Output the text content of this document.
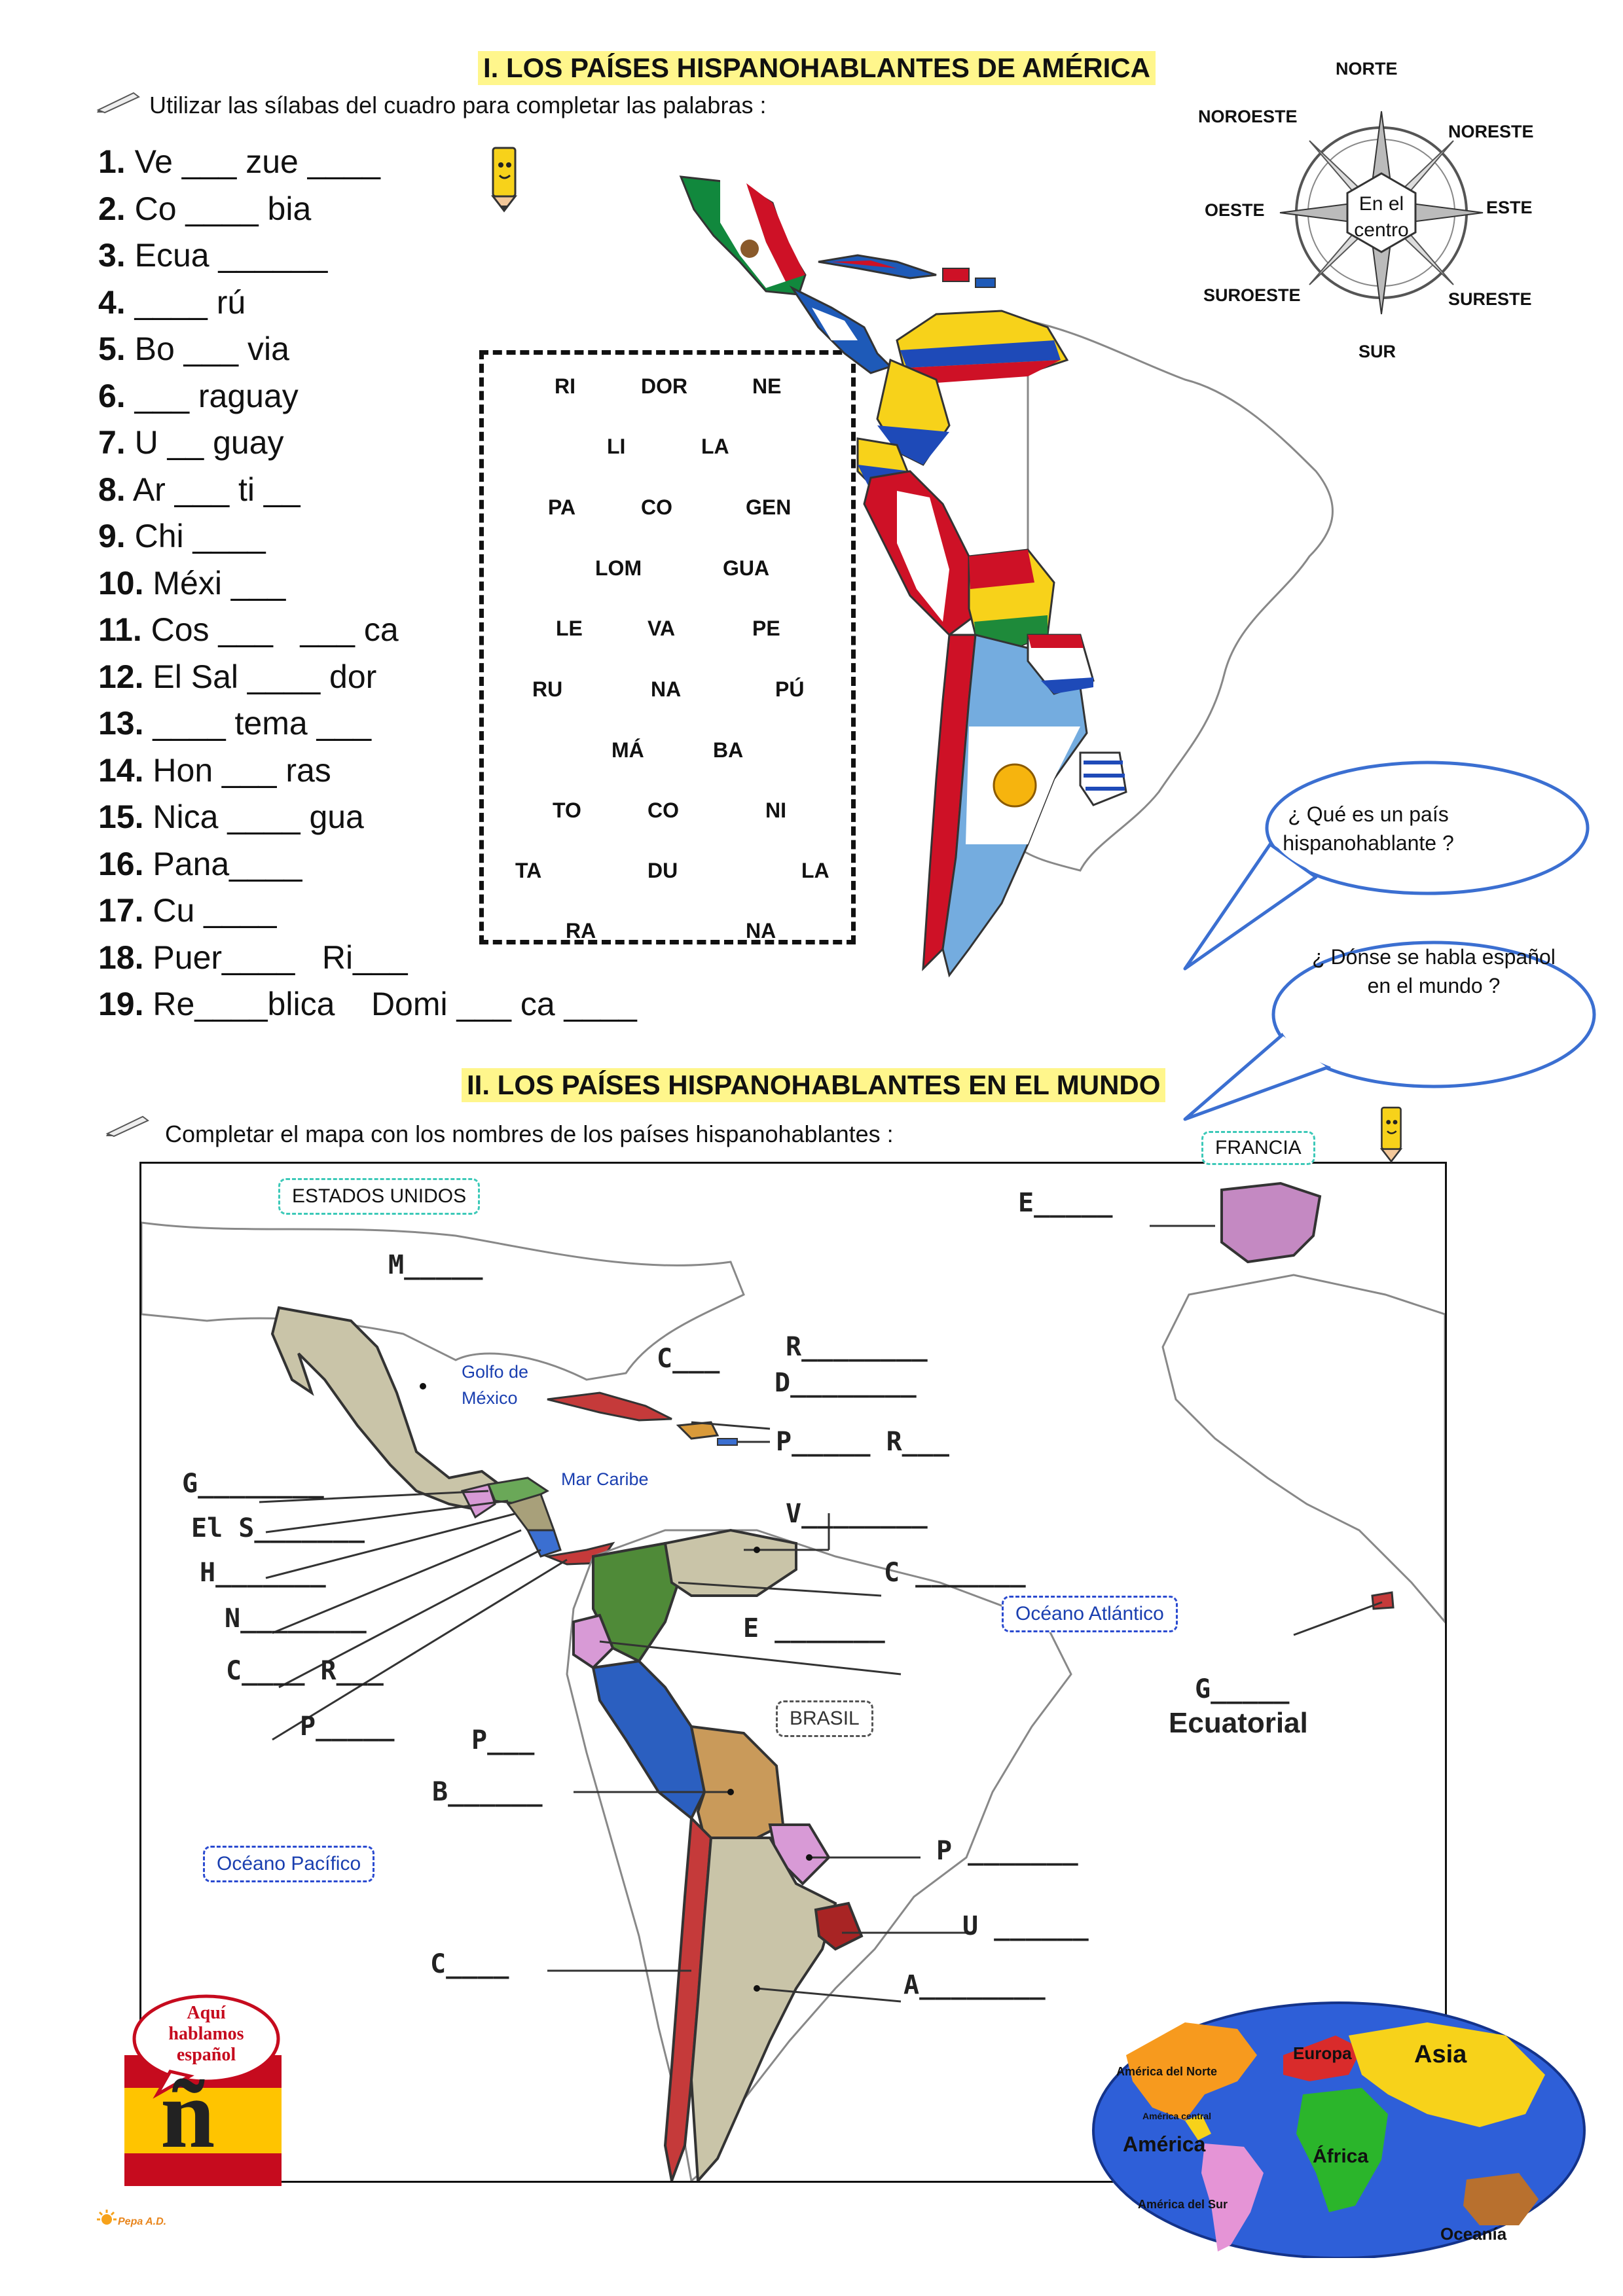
I. LOS PAÍSES HISPANOHABLANTES DE AMÉRICA
Utilizar las sílabas del cuadro para completar las palabras :
1. Ve ___ zue ____
2. Co ____ bia
3. Ecua ______
4. ____ rú
5. Bo ___ via
6. ___ raguay
7. U __ guay
8. Ar ___ ti __
9. Chi ____
10. Méxi ___
11. Cos ___   ___ ca
12. El Sal ____ dor
13. ____ tema ___
14. Hon ___ ras
15. Nica ____ gua
16. Pana____
17. Cu ____
18. Puer____   Ri___
19. Re____blica    Domi ___ ca ____
RI	DOR	NE
LI	LA
PA	CO	GEN
LOM	GUA
LE	VA	PE
RU	NA	PÚ
MÁ	BA
TO	CO	NI
TA	DU	LA
RA	NA
NORTE
NOROESTE
NORESTE
OESTE	ESTE
SUROESTE	SURESTE
SUR
En el
centro
¿ Qué es un país hispanohablante ?
¿ Dónse se habla español en el mundo ?
II. LOS PAÍSES HISPANOHABLANTES EN EL MUNDO
Completar el mapa con los nombres de los países hispanohablantes :
ESTADOS UNIDOS
FRANCIA
BRASIL
Océano Atlántico
Océano Pacífico
Golfo de
México
Mar Caribe
M_____
C___	R________
D________
P_____ R___
E_____
G________
El S_______
H_______
N________
C____ R___
P_____
V________
C _______
E _______
P___
B______
P _______
U ______
A________
C____
G_____
Ecuatorial
Aquí
hablamos
español
ñ	América del Norte
América central
América
América del Sur
Europa	Asia
África
Oceanía
Pepa A.D.
